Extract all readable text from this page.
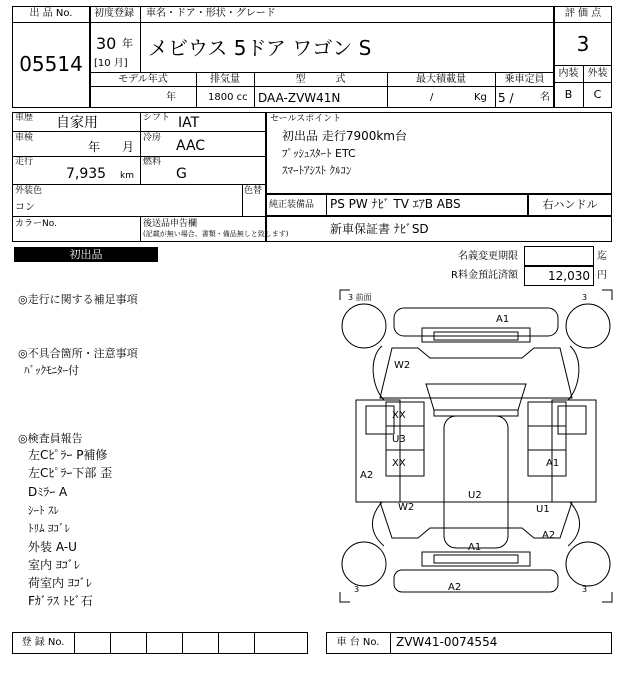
出 品 No.
05514
初度登録 車名・ドア・形状・グレード
30 年
[10 月]
メビウス 5ドア ワゴン S
モデル年式	排気量	型　　　式	最大積載量	乗車定員
年	1800 cc DAA-ZVW41N	/	Kg 5 /	名
評 価 点
3
内装 外装
B	C
車歴 自家用	シフト IAT
車検
年 月
冷房 AAC
走行
7,935 km
燃料
G
外装色
コン
色替
カラーNo.	後送品申告欄
(記載が無い場合、書類・備品無しと致します)
セールスポイント
初出品 走行7900km台
ﾌﾟｯｼｭｽﾀｰﾄ ETC
ｽﾏｰﾄｱｼｽﾄ ｸﾙｺﾝ
純正装備品 PS PW ﾅﾋﾞ TV ｴｱB ABS	右ハンドル
新車保証書 ﾅﾋﾞSD
初出品	名義変更期限	迄
R料金預託済額	12,030 円
◎走行に関する補足事項
◎不具合箇所・注意事項
ﾊﾞｯｸﾓﾆﾀｰ付
◎検査員報告
左Cﾋﾟﾗｰ P補修
左Cﾋﾟﾗｰ下部 歪
Dﾐﾗｰ A
ｼｰﾄ ｽﾚ
ﾄﾘﾑ ﾖｺﾞﾚ
外装 A-U
室内 ﾖｺﾞﾚ
荷室内 ﾖｺﾞﾚ
Fｶﾞﾗｽ ﾄﾋﾞ石
3 前面	3
3	3
A1
W2
XX
U3
XX	A1
A2
U2
W2	U1
A2
A1
A2
登 録 No.	車 台 No.	ZVW41-0074554
